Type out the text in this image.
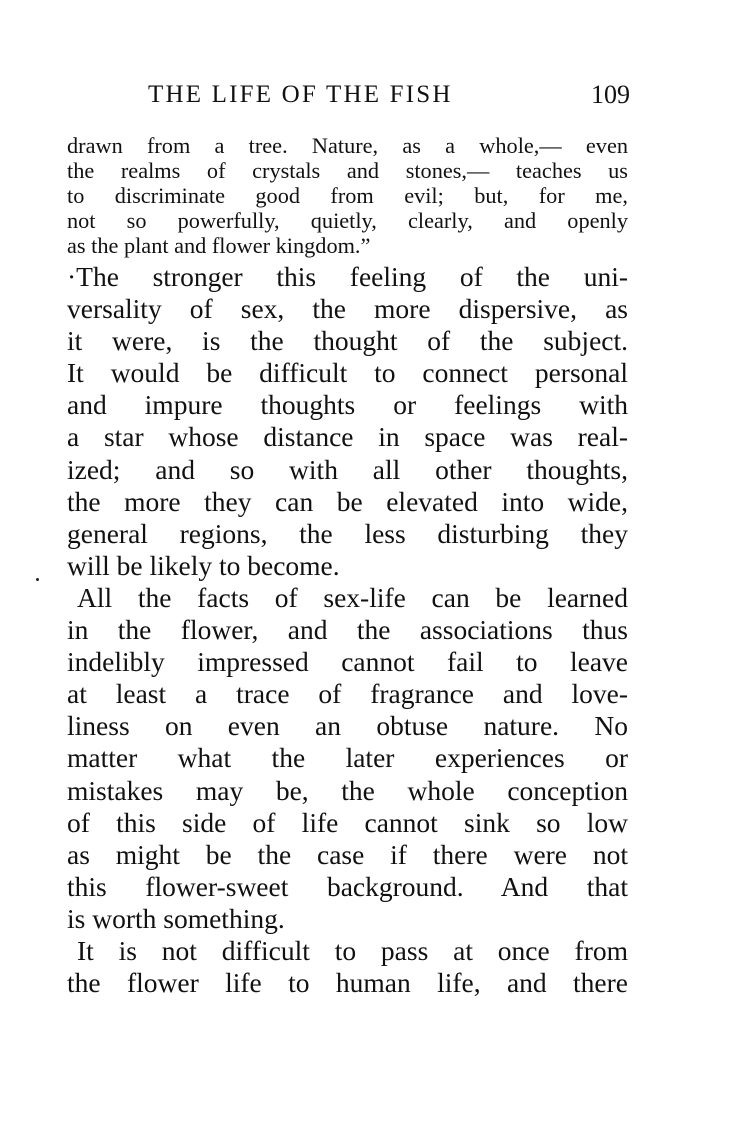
THE LIFE OF THE FISH	109
drawn from a tree. Nature, as a whole,— even
the realms of crystals and stones,— teaches us
to discriminate good from evil; but, for me,
not so powerfully, quietly, clearly, and openly
as the plant and flower kingdom.”
·The stronger this feeling of the uni-
versality of sex, the more dispersive, as
it were, is the thought of the subject.
It would be difficult to connect personal
and impure thoughts or feelings with
a star whose distance in space was real-
ized; and so with all other thoughts,
the more they can be elevated into wide,
general regions, the less disturbing they
will be likely to become.
All the facts of sex-life can be learned
in the flower, and the associations thus
indelibly impressed cannot fail to leave
at least a trace of fragrance and love-
liness on even an obtuse nature. No
matter what the later experiences or
mistakes may be, the whole conception
of this side of life cannot sink so low
as might be the case if there were not
this flower-sweet background. And that
is worth something.
It is not difficult to pass at once from
the flower life to human life, and there
